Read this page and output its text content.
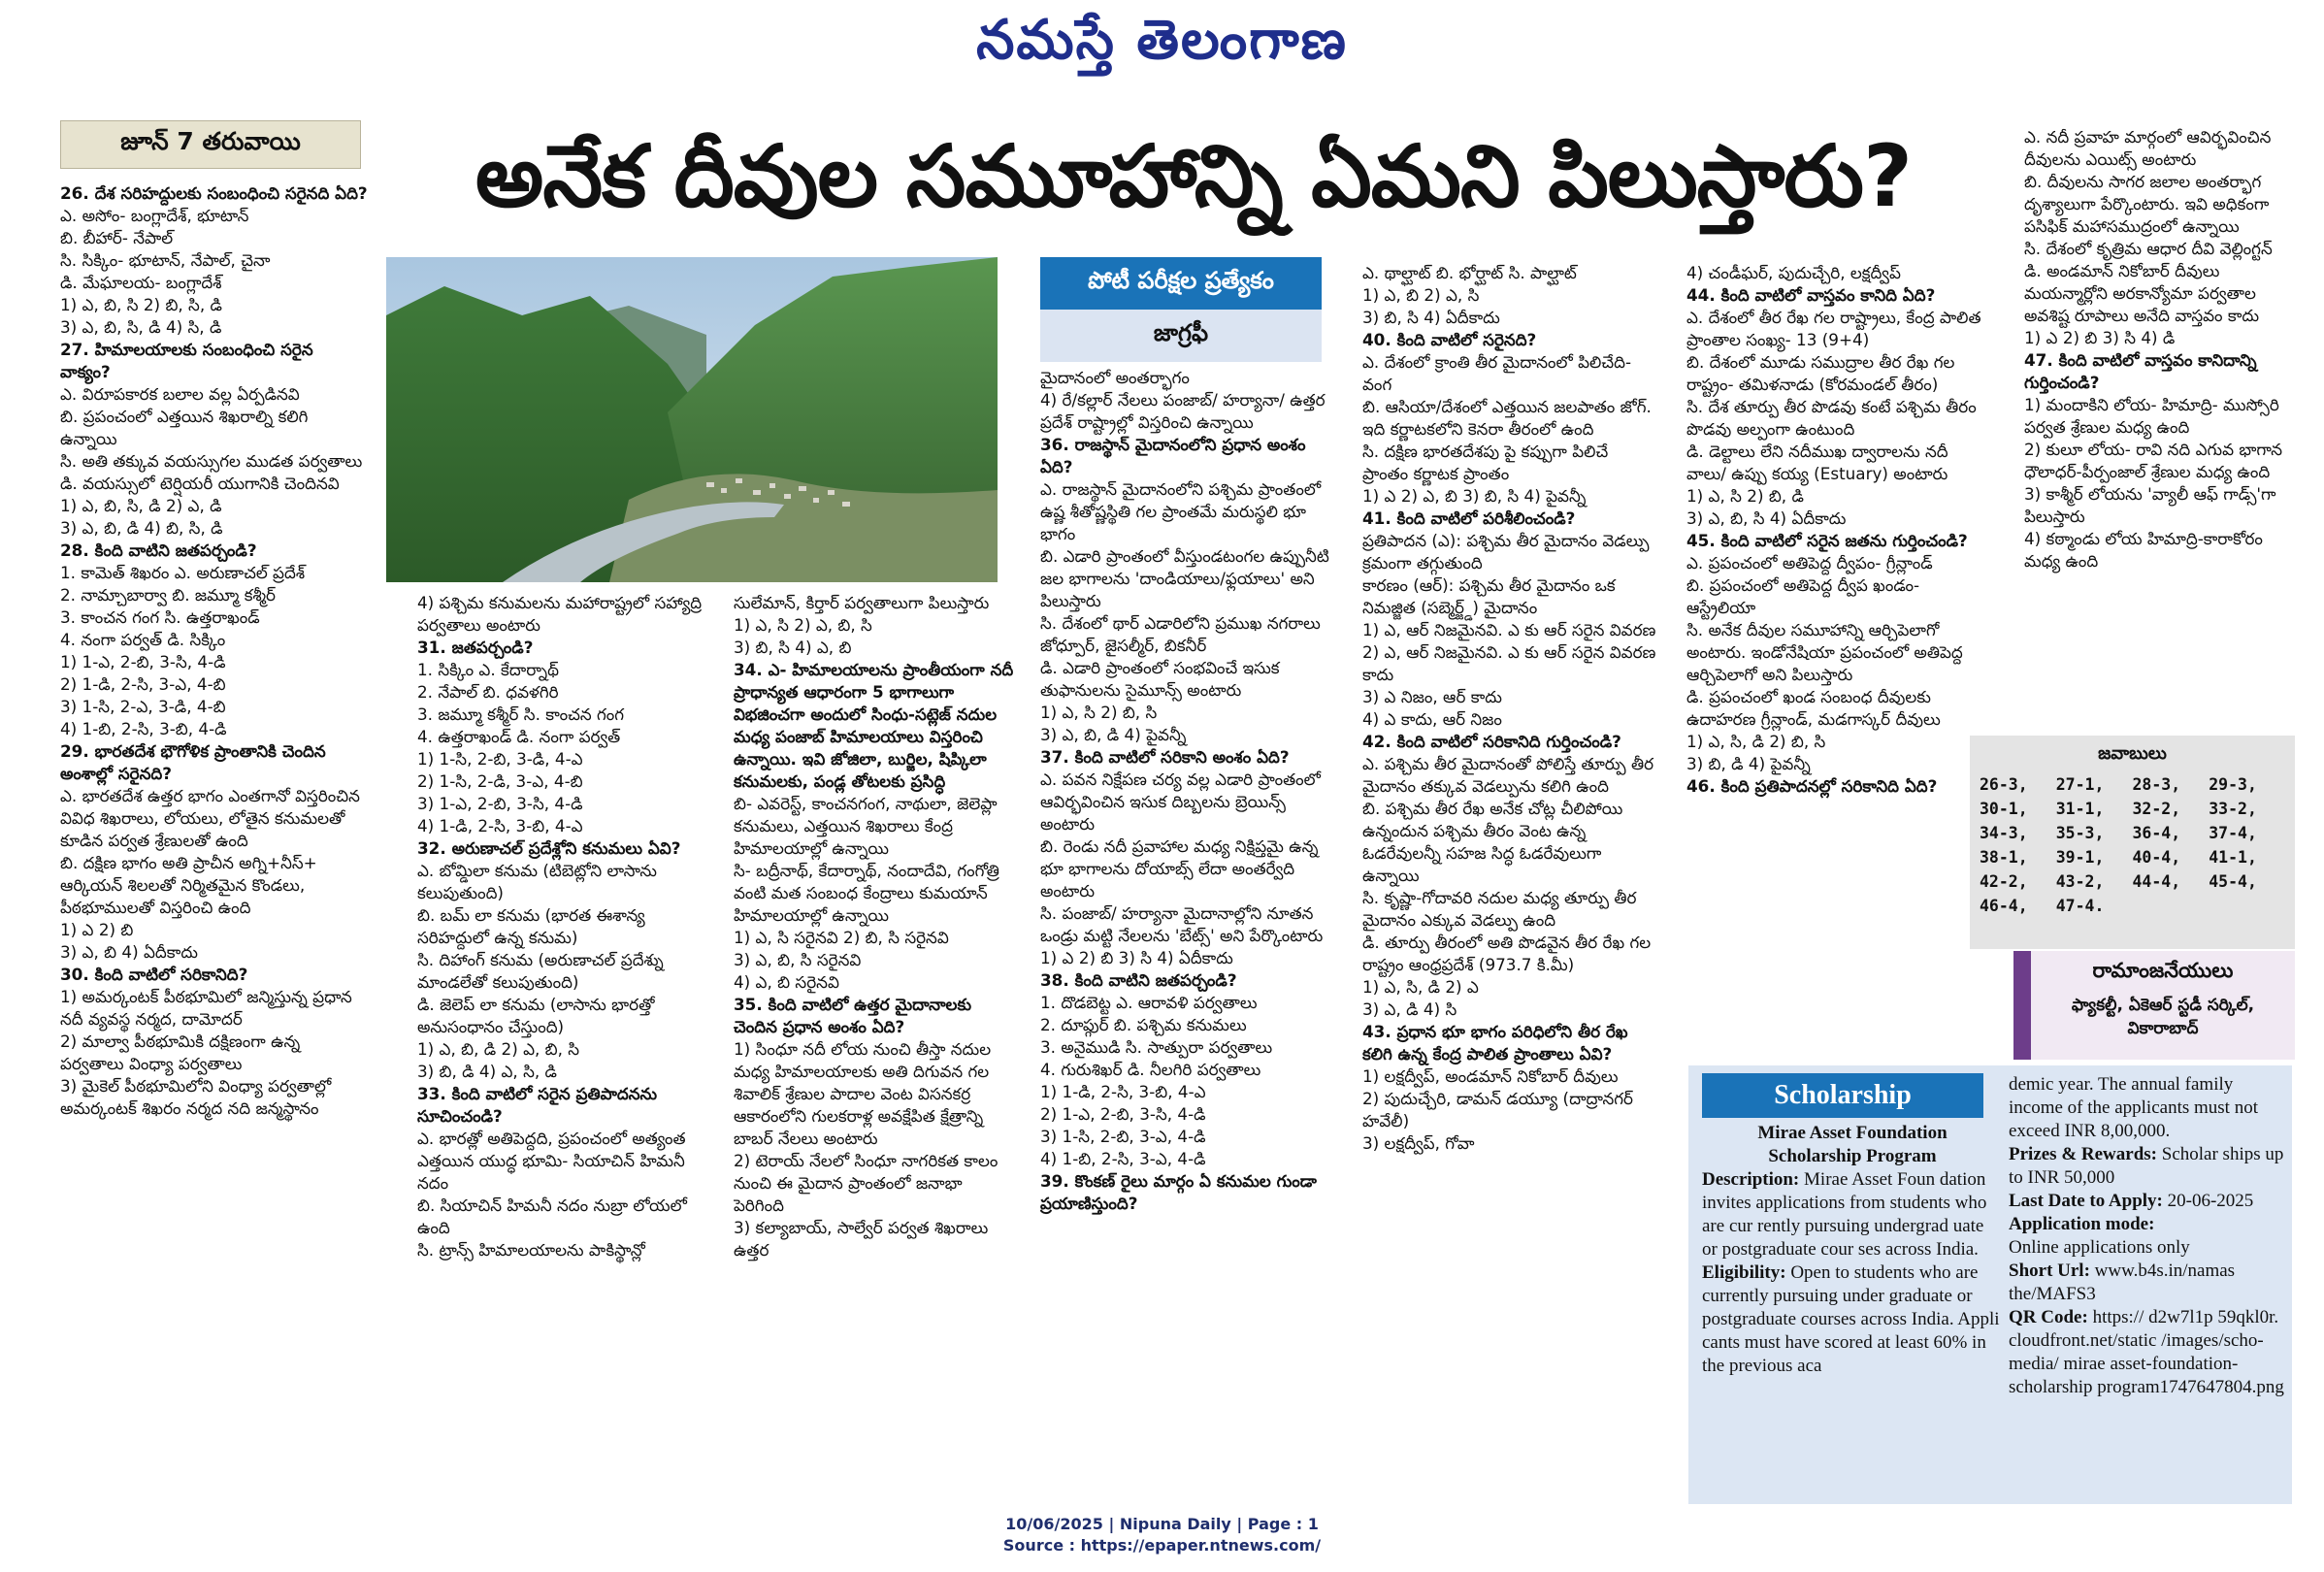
నమస్తే తెలంగాణ
జూన్ 7 తరువాయి	అనేక దీవుల సమూహాన్ని ఏమని పిలుస్తారు?
పోటీ పరీక్షల ప్రత్యేకం
జాగ్రఫీ

26. దేశ సరిహద్దులకు సంబంధించి సరైనది ఏది?

ఎ. అసోం- బంగ్లాదేశ్, భూటాన్

బి. బీహార్- నేపాల్

సి. సిక్కిం- భూటాన్, నేపాల్, చైనా

డి. మేఘాలయ- బంగ్లాదేశ్

1) ఎ, బి, సి 2) బి, సి, డి

3) ఎ, బి, సి, డి 4) సి, డి

27. హిమాలయాలకు సంబంధించి సరైన వాక్యం?

ఎ. విరూపకారక బలాల వల్ల ఏర్పడినవి

బి. ప్రపంచంలో ఎత్తయిన శిఖరాల్ని కలిగి ఉన్నాయి

సి. అతి తక్కువ వయస్సుగల ముడత పర్వతాలు

డి. వయస్సులో టెర్షియరీ యుగానికి చెందినవి

1) ఎ, బి, సి, డి 2) ఎ, డి

3) ఎ, బి, డి 4) బి, సి, డి

28. కింది వాటిని జతపర్చండి?

1. కామెత్ శిఖరం ఎ. అరుణాచల్ ప్రదేశ్

2. నామ్చాబార్వా బి. జమ్మూ కశ్మీర్

3. కాంచన గంగ సి. ఉత్తరాఖండ్

4. నంగా పర్వత్ డి. సిక్కిం

1) 1-ఎ, 2-బి, 3-సి, 4-డి

2) 1-డి, 2-సి, 3-ఎ, 4-బి

3) 1-సి, 2-ఎ, 3-డి, 4-బి

4) 1-బి, 2-సి, 3-బి, 4-డి

29. భారతదేశ భౌగోళిక ప్రాంతానికి చెందిన అంశాల్లో సరైనది?

ఎ. భారతదేశ ఉత్తర భాగం ఎంతగానో విస్తరించిన వివిధ శిఖరాలు, లోయలు, లోతైన కనుమలతో కూడిన పర్వత శ్రేణులతో ఉంది

బి. దక్షిణ భాగం అతి ప్రాచీన అగ్ని+నీస్+ ఆర్కియన్ శిలలతో నిర్మితమైన కొండలు, పీఠభూములతో విస్తరించి ఉంది

1) ఎ 2) బి

3) ఎ, బి 4) ఏదీకాదు

30. కింది వాటిలో సరికానిది?

1) అమర్కంటక్ పీఠభూమిలో జన్మిస్తున్న ప్రధాన నదీ వ్యవస్థ నర్మద, దామోదర్

2) మాల్వా పీఠభూమికి దక్షిణంగా ఉన్న పర్వతాలు వింధ్యా పర్వతాలు

3) మైకెల్ పీఠభూమిలోని వింధ్యా పర్వతాల్లో అమర్కంటక్ శిఖరం నర్మద నది జన్మస్థానం

4) పశ్చిమ కనుమలను మహారాష్ట్రలో సహ్యాద్రి పర్వతాలు అంటారు

31. జతపర్చండి?

1. సిక్కిం ఎ. కేదార్నాథ్

2. నేపాల్ బి. ధవళగిరి

3. జమ్మూ కశ్మీర్ సి. కాంచన గంగ

4. ఉత్తరాఖండ్ డి. నంగా పర్వత్

1) 1-సి, 2-బి, 3-డి, 4-ఎ

2) 1-సి, 2-డి, 3-ఎ, 4-బి

3) 1-ఎ, 2-బి, 3-సి, 4-డి

4) 1-డి, 2-సి, 3-బి, 4-ఎ

32. అరుణాచల్ ప్రదేశ్లోని కనుమలు ఏవి?

ఎ. బోమ్డిలా కనుమ (టిబెట్లోని లాసాను కలుపుతుంది)

బి. బమ్ లా కనుమ (భారత ఈశాన్య సరిహద్దులో ఉన్న కనుమ)

సి. దిహాంగ్ కనుమ (అరుణాచల్ ప్రదేశ్ను మాండలేతో కలుపుతుంది)

డి. జెలెప్ లా కనుమ (లాసాను భారత్తో అనుసంధానం చేస్తుంది)

1) ఎ, బి, డి 2) ఎ, బి, సి

3) బి, డి 4) ఎ, సి, డి

33. కింది వాటిలో సరైన ప్రతిపాదనను సూచించండి?

ఎ. భారత్లో అతిపెద్దది, ప్రపంచంలో అత్యంత ఎత్తయిన యుద్ధ భూమి- సియాచిన్ హిమనీ నదం

బి. సియాచిన్ హిమనీ నదం నుబ్రా లోయలో ఉంది

సి. ట్రాన్స్ హిమాలయాలను పాకిస్థాన్లో

సులేమాన్, కిర్తార్ పర్వతాలుగా పిలుస్తారు

1) ఎ, సి 2) ఎ, బి, సి

3) బి, సి 4) ఎ, బి

34. ఎ- హిమాలయాలను ప్రాంతీయంగా నదీ ప్రాధాన్యత ఆధారంగా 5 భాగాలుగా విభజించగా అందులో సింధు-సట్లెజ్ నదుల మధ్య పంజాబ్ హిమాలయాలు విస్తరించి ఉన్నాయి. ఇవి జోజిలా, బుర్జిల, షిప్కిలా కనుమలకు, పండ్ల తోటలకు ప్రసిద్ధి

బి- ఎవరెస్ట్, కాంచనగంగ, నాథులా, జెలెప్లా కనుమలు, ఎత్తయిన శిఖరాలు కేంద్ర హిమాలయాల్లో ఉన్నాయి

సి- బద్రీనాథ్, కేదార్నాథ్, నందాదేవి, గంగోత్రి వంటి మత సంబంధ కేంద్రాలు కుమయాన్ హిమాలయాల్లో ఉన్నాయి

1) ఎ, సి సరైనవి 2) బి, సి సరైనవి

3) ఎ, బి, సి సరైనవి

4) ఎ, బి సరైనవి

35. కింది వాటిలో ఉత్తర మైదానాలకు చెందిన ప్రధాన అంశం ఏది?

1) సింధూ నదీ లోయ నుంచి తీస్తా నదుల మధ్య హిమాలయాలకు అతి దిగువన గల శివాలిక్ శ్రేణుల పాదాల వెంట విసనకర్ర ఆకారంలోని గులకరాళ్ల అవక్షేపిత క్షేత్రాన్ని బాబర్ నేలలు అంటారు

2) టెరాయ్ నేలలో సింధూ నాగరికత కాలం నుంచి ఈ మైదాన ప్రాంతంలో జనాభా పెరిగింది

3) కల్యాబాయ్, సాల్వేర్ పర్వత శిఖరాలు ఉత్తర

మైదానంలో అంతర్భాగం

4) రే/కల్లార్ నేలలు పంజాబ్/ హర్యానా/ ఉత్తర ప్రదేశ్ రాష్ట్రాల్లో విస్తరించి ఉన్నాయి

36. రాజస్థాన్ మైదానంలోని ప్రధాన అంశం ఏది?

ఎ. రాజస్థాన్ మైదానంలోని పశ్చిమ ప్రాంతంలో ఉష్ణ శీతోష్ణస్థితి గల ప్రాంతమే మరుస్థలి భూ భాగం

బి. ఎడారి ప్రాంతంలో వీస్తుండటంగల ఉప్పునీటి జల భాగాలను 'దాండియాలు/ఫ్లయాలు' అని పిలుస్తారు

సి. దేశంలో థార్ ఎడారిలోని ప్రముఖ నగరాలు జోధ్పూర్, జైసల్మీర్, బికనీర్

డి. ఎడారి ప్రాంతంలో సంభవించే ఇసుక తుఫానులను సైమూన్స్ అంటారు

1) ఎ, సి 2) బి, సి

3) ఎ, బి, డి 4) పైవన్నీ

37. కింది వాటిలో సరికాని అంశం ఏది?

ఎ. పవన నిక్షేపణ చర్య వల్ల ఎడారి ప్రాంతంలో ఆవిర్భవించిన ఇసుక దిబ్బలను బ్రెయిన్స్ అంటారు

బి. రెండు నదీ ప్రవాహాల మధ్య నిక్షిప్తమై ఉన్న భూ భాగాలను దోయాబ్స్ లేదా అంతర్వేది అంటారు

సి. పంజాబ్/ హర్యానా మైదానాల్లోని నూతన ఒండ్రు మట్టి నేలలను 'బేట్స్' అని పేర్కొంటారు

1) ఎ 2) బి 3) సి 4) ఏదీకాదు

38. కింది వాటిని జతపర్చండి?

1. దొడబెట్ట ఎ. ఆరావళి పర్వతాలు

2. దూప్గుర్ బి. పశ్చిమ కనుమలు

3. అనైముడి సి. సాత్పురా పర్వతాలు

4. గురుశిఖర్ డి. నీలగిరి పర్వతాలు

1) 1-డి, 2-సి, 3-బి, 4-ఎ

2) 1-ఎ, 2-బి, 3-సి, 4-డి

3) 1-సి, 2-బి, 3-ఎ, 4-డి

4) 1-బి, 2-సి, 3-ఎ, 4-డి

39. కొంకణ్ రైలు మార్గం ఏ కనుమల గుండా ప్రయాణిస్తుంది?

ఎ. థాల్ఘాట్ బి. భోర్ఘాట్ సి. పాల్ఘాట్

1) ఎ, బి 2) ఎ, సి

3) బి, సి 4) ఏదీకాదు

40. కింది వాటిలో సరైనది?

ఎ. దేశంలో క్రాంతి తీర మైదానంలో పిలిచేది- వంగ

బి. ఆసియా/దేశంలో ఎత్తయిన జలపాతం జోగ్. ఇది కర్ణాటకలోని కెనరా తీరంలో ఉంది

సి. దక్షిణ భారతదేశపు పై కప్పుగా పిలిచే ప్రాంతం కర్ణాటక ప్రాంతం

1) ఎ 2) ఎ, బి 3) బి, సి 4) పైవన్నీ

41. కింది వాటిలో పరిశీలించండి?

ప్రతిపాదన (ఎ): పశ్చిమ తీర మైదానం వెడల్పు క్రమంగా తగ్గుతుంది

కారణం (ఆర్): పశ్చిమ తీర మైదానం ఒక నిమజ్జిత (సబ్మెర్జ్డ్) మైదానం

1) ఎ, ఆర్ నిజమైనవి. ఎ కు ఆర్ సరైన వివరణ

2) ఎ, ఆర్ నిజమైనవి. ఎ కు ఆర్ సరైన వివరణ కాదు

3) ఎ నిజం, ఆర్ కాదు

4) ఎ కాదు, ఆర్ నిజం

42. కింది వాటిలో సరికానిది గుర్తించండి?

ఎ. పశ్చిమ తీర మైదానంతో పోలిస్తే తూర్పు తీర మైదానం తక్కువ వెడల్పును కలిగి ఉంది

బి. పశ్చిమ తీర రేఖ అనేక చోట్ల చీలిపోయి ఉన్నందున పశ్చిమ తీరం వెంట ఉన్న ఓడరేవులన్నీ సహజ సిద్ధ ఓడరేవులుగా ఉన్నాయి

సి. కృష్ణా-గోదావరి నదుల మధ్య తూర్పు తీర మైదానం ఎక్కువ వెడల్పు ఉంది

డి. తూర్పు తీరంలో అతి పొడవైన తీర రేఖ గల రాష్ట్రం ఆంధ్రప్రదేశ్ (973.7 కి.మీ)

1) ఎ, సి, డి 2) ఎ

3) ఎ, డి 4) సి

43. ప్రధాన భూ భాగం పరిధిలోని తీర రేఖ కలిగి ఉన్న కేంద్ర పాలిత ప్రాంతాలు ఏవి?

1) లక్షద్వీప్, అండమాన్ నికోబార్ దీవులు

2) పుదుచ్చేరి, డామన్ డయ్యూ (దాద్రానగర్ హవేలీ)

3) లక్షద్వీప్, గోవా

4) చండీఘర్, పుదుచ్చేరి, లక్షద్వీప్

44. కింది వాటిలో వాస్తవం కానిది ఏది?

ఎ. దేశంలో తీర రేఖ గల రాష్ట్రాలు, కేంద్ర పాలిత ప్రాంతాల సంఖ్య- 13 (9+4)

బి. దేశంలో మూడు సముద్రాల తీర రేఖ గల రాష్ట్రం- తమిళనాడు (కోరమండల్ తీరం)

సి. దేశ తూర్పు తీర పొడవు కంటే పశ్చిమ తీరం పొడవు అల్పంగా ఉంటుంది

డి. డెల్టాలు లేని నదీముఖ ద్వారాలను నదీ వాలు/ ఉప్పు కయ్య (Estuary) అంటారు

1) ఎ, సి 2) బి, డి

3) ఎ, బి, సి 4) ఏదీకాదు

45. కింది వాటిలో సరైన జతను గుర్తించండి?

ఎ. ప్రపంచంలో అతిపెద్ద ద్వీపం- గ్రీన్లాండ్

బి. ప్రపంచంలో అతిపెద్ద ద్వీప ఖండం- ఆస్ట్రేలియా

సి. అనేక దీవుల సమూహాన్ని ఆర్చిపెలాగో అంటారు. ఇండోనేషియా ప్రపంచంలో అతిపెద్ద ఆర్చిపెలాగో అని పిలుస్తారు

డి. ప్రపంచంలో ఖండ సంబంధ దీవులకు ఉదాహరణ గ్రీన్లాండ్, మడగాస్కర్ దీవులు

1) ఎ, సి, డి 2) బి, సి

3) బి, డి 4) పైవన్నీ

46. కింది ప్రతిపాదనల్లో సరికానిది ఏది?

ఎ. నదీ ప్రవాహ మార్గంలో ఆవిర్భవించిన దీవులను ఎయిట్స్ అంటారు

బి. దీవులను సాగర జలాల అంతర్భాగ దృశ్యాలుగా పేర్కొంటారు. ఇవి అధికంగా పసిఫిక్ మహాసముద్రంలో ఉన్నాయి

సి. దేశంలో కృత్రిమ ఆధార దీవి వెల్లింగ్టన్

డి. అండమాన్ నికోబార్ దీవులు మయన్మార్లోని అరకాన్యోమా పర్వతాల అవశిష్ట రూపాలు అనేది వాస్తవం కాదు

1) ఎ 2) బి 3) సి 4) డి

47. కింది వాటిలో వాస్తవం కానిదాన్ని గుర్తించండి?

1) మందాకిని లోయ- హిమాద్రి- ముస్సోరి పర్వత శ్రేణుల మధ్య ఉంది

2) కులూ లోయ- రావి నది ఎగువ భాగాన ధౌలాధర్-పీర్పంజాల్ శ్రేణుల మధ్య ఉంది

3) కాశ్మీర్ లోయను 'వ్యాలీ ఆఫ్ గాడ్స్'గా పిలుస్తారు

4) కఠ్మాండు లోయ హిమాద్రి-కారాకోరం మధ్య ఉంది

జవాబులు
26-3,	27-1,	28-3,	29-3,
30-1,	31-1,	32-2,	33-2,
34-3,	35-3,	36-4,	37-4,
38-1,	39-1,	40-4,	41-1,
42-2,	43-2,	44-4,	45-4,
46-4,	47-4.
రామాంజనేయులు
ఫ్యాకల్టీ, ఏకెఆర్ స్టడీ సర్కిల్, వికారాబాద్
Scholarship

Mirae Asset Foundation

Scholarship Program

Description: Mirae Asset Foun dation invites applications from students who are cur rently pursuing undergrad uate or postgraduate cour ses across India.

Eligibility: Open to students who are currently pursuing under graduate or postgraduate courses across India. Appli cants must have scored at least 60% in the previous aca

demic year. The annual family income of the applicants must not exceed INR 8,00,000.

Prizes & Rewards: Scholar ships up to INR 50,000

Last Date to Apply: 20-06-2025

Application mode:

Online applications only

Short Url: www.b4s.in/namas the/MAFS3

QR Code: https:// d2w7l1p 59qkl0r. cloudfront.net/static /images/scho-media/ mirae asset-foundation-scholarship program1747647804.png

10/06/2025 | Nipuna Daily | Page : 1
Source : https://epaper.ntnews.com/
